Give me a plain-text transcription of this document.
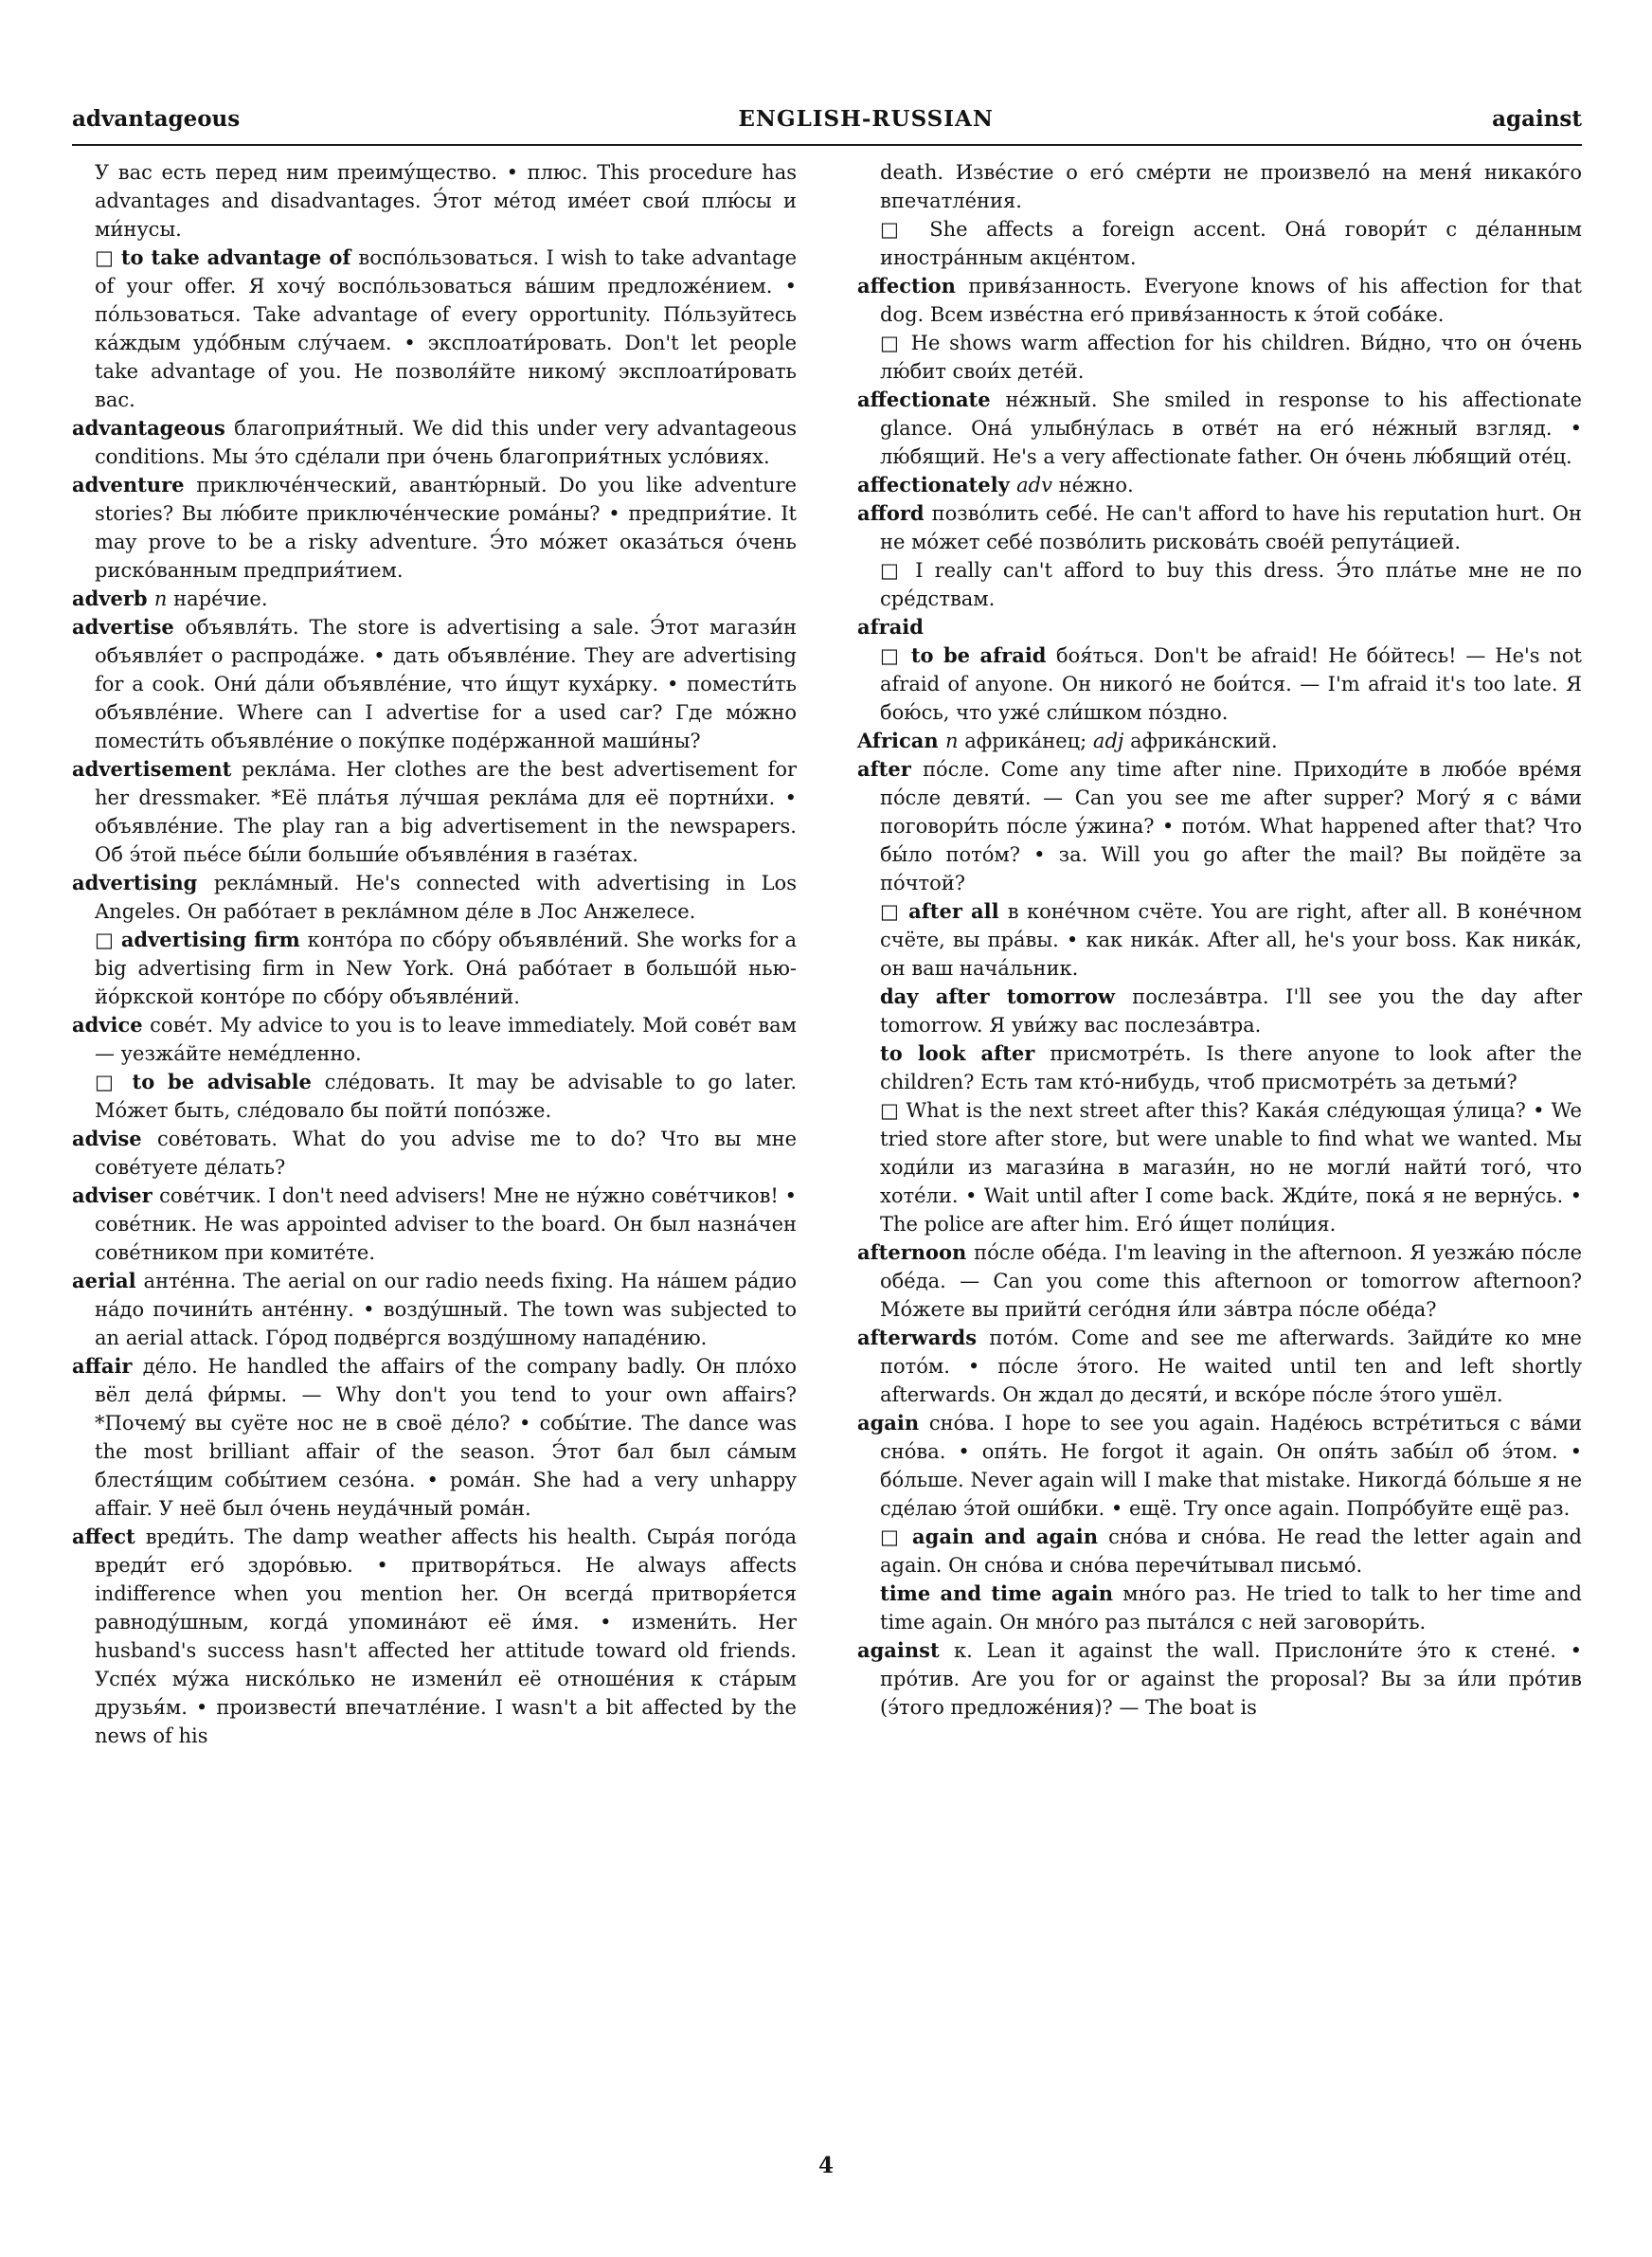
advantageous	ENGLISH-RUSSIAN	against
У вас есть перед ним преиму́щество. • плюс. This procedure has advantages and disadvantages. Э́тот ме́тод име́ет свои́ плю́сы и ми́нусы.
□ to take advantage of воспо́льзоваться. I wish to take advantage of your offer. Я хочу́ воспо́льзоваться ва́шим предложе́нием. • по́льзоваться. Take advantage of every opportunity. По́льзуйтесь ка́ждым удо́бным слу́чаем. • эксплоати́ровать. Don't let people take advantage of you. Не позволя́йте никому́ эксплоати́ровать вас.
advantageous благоприя́тный. We did this under very advantageous conditions. Мы э́то сде́лали при о́чень благоприя́тных усло́виях.
adventure приключе́нческий, авантю́рный. Do you like adventure stories? Вы лю́бите приключе́нческие рома́ны? • предприя́тие. It may prove to be a risky adventure. Э́то мо́жет оказа́ться о́чень риско́ванным предприя́тием.
adverb n наре́чие.
advertise объявля́ть. The store is advertising a sale. Э́тот магази́н объявля́ет о распрода́же. • дать объявле́ние. They are advertising for a cook. Они́ да́ли объявле́ние, что и́щут куха́рку. • помести́ть объявле́ние. Where can I advertise for a used car? Где мо́жно помести́ть объявле́ние о поку́пке поде́ржанной маши́ны?
advertisement рекла́ма. Her clothes are the best advertisement for her dressmaker. *Её пла́тья лу́чшая рекла́ма для её портни́хи. • объявле́ние. The play ran a big advertisement in the newspapers. Об э́той пье́се бы́ли больши́е объявле́ния в газе́тах.
advertising рекла́мный. He's connected with advertising in Los Angeles. Он рабо́тает в рекла́мном де́ле в Лос Анжелесе.
□ advertising firm конто́ра по сбо́ру объявле́ний. She works for a big advertising firm in New York. Она́ рабо́тает в большо́й нью-йо́ркской конто́ре по сбо́ру объявле́ний.
advice сове́т. My advice to you is to leave immediately. Мой сове́т вам — уезжа́йте неме́дленно.
□ to be advisable сле́довать. It may be advisable to go later. Мо́жет быть, сле́довало бы пойти́ попо́зже.
advise сове́товать. What do you advise me to do? Что вы мне сове́туете де́лать?
adviser сове́тчик. I don't need advisers! Мне не ну́жно сове́тчиков! • сове́тник. He was appointed adviser to the board. Он был назна́чен сове́тником при комите́те.
aerial анте́нна. The aerial on our radio needs fixing. На на́шем ра́дио на́до почини́ть анте́нну. • возду́шный. The town was subjected to an aerial attack. Го́род подве́ргся возду́шному нападе́нию.
affair де́ло. He handled the affairs of the company badly. Он пло́хо вёл дела́ фи́рмы. — Why don't you tend to your own affairs? *Почему́ вы суёте нос не в своё де́ло? • собы́тие. The dance was the most brilliant affair of the season. Э́тот бал был са́мым блестя́щим собы́тием сезо́на. • рома́н. She had a very unhappy affair. У неё был о́чень неуда́чный рома́н.
affect вреди́ть. The damp weather affects his health. Сыра́я пого́да вреди́т его́ здоро́вью. • притворя́ться. He always affects indifference when you mention her. Он всегда́ притворя́ется равноду́шным, когда́ упомина́ют её и́мя. • измени́ть. Her husband's success hasn't affected her attitude toward old friends. Успе́х му́жа ниско́лько не измени́л её отноше́ния к ста́рым друзья́м. • произвести́ впечатле́ние. I wasn't a bit affected by the news of his
death. Изве́стие о его́ сме́рти не произвело́ на меня́ никако́го впечатле́ния.
□ She affects a foreign accent. Она́ говори́т с де́ланным иностра́нным акце́нтом.
affection привя́занность. Everyone knows of his affection for that dog. Всем изве́стна его́ привя́занность к э́той соба́ке.
□ He shows warm affection for his children. Ви́дно, что он о́чень лю́бит свои́х дете́й.
affectionate не́жный. She smiled in response to his affectionate glance. Она́ улыбну́лась в отве́т на его́ не́жный взгляд. • лю́бящий. He's a very affectionate father. Он о́чень лю́бящий оте́ц.
affectionately adv не́жно.
afford позво́лить себе́. He can't afford to have his reputation hurt. Он не мо́жет себе́ позво́лить рискова́ть свое́й репута́цией.
□ I really can't afford to buy this dress. Э́то пла́тье мне не по сре́дствам.
afraid
□ to be afraid боя́ться. Don't be afraid! Не бо́йтесь! — He's not afraid of anyone. Он никого́ не бои́тся. — I'm afraid it's too late. Я бою́сь, что уже́ сли́шком по́здно.
African n африка́нец; adj африка́нский.
after по́сле. Come any time after nine. Приходи́те в любо́е вре́мя по́сле девяти́. — Can you see me after supper? Могу́ я с ва́ми поговори́ть по́сле у́жина? • пото́м. What happened after that? Что бы́ло пото́м? • за. Will you go after the mail? Вы пойдёте за по́чтой?
□ after all в коне́чном счёте. You are right, after all. В коне́чном счёте, вы пра́вы. • как ника́к. After all, he's your boss. Как ника́к, он ваш нача́льник.
day after tomorrow послеза́втра. I'll see you the day after tomorrow. Я уви́жу вас послеза́втра.
to look after присмотре́ть. Is there anyone to look after the children? Есть там кто́-нибудь, чтоб присмотре́ть за детьми́?
□ What is the next street after this? Кака́я сле́дующая у́лица? • We tried store after store, but were unable to find what we wanted. Мы ходи́ли из магази́на в магази́н, но не могли́ найти́ того́, что хоте́ли. • Wait until after I come back. Жди́те, пока́ я не верну́сь. • The police are after him. Его́ и́щет поли́ция.
afternoon по́сле обе́да. I'm leaving in the afternoon. Я уезжа́ю по́сле обе́да. — Can you come this afternoon or tomorrow afternoon? Мо́жете вы прийти́ сего́дня и́ли за́втра по́сле обе́да?
afterwards пото́м. Come and see me afterwards. Зайди́те ко мне пото́м. • по́сле э́того. He waited until ten and left shortly afterwards. Он ждал до десяти́, и вско́ре по́сле э́того ушёл.
again сно́ва. I hope to see you again. Наде́юсь встре́титься с ва́ми сно́ва. • опя́ть. He forgot it again. Он опя́ть забы́л об э́том. • бо́льше. Never again will I make that mistake. Никогда́ бо́льше я не сде́лаю э́той оши́бки. • ещё. Try once again. Попро́буйте ещё раз.
□ again and again сно́ва и сно́ва. He read the letter again and again. Он сно́ва и сно́ва перечи́тывал письмо́.
time and time again мно́го раз. He tried to talk to her time and time again. Он мно́го раз пыта́лся с ней заговори́ть.
against к. Lean it against the wall. Прислони́те э́то к стене́. • про́тив. Are you for or against the proposal? Вы за и́ли про́тив (э́того предложе́ния)? — The boat is
4
